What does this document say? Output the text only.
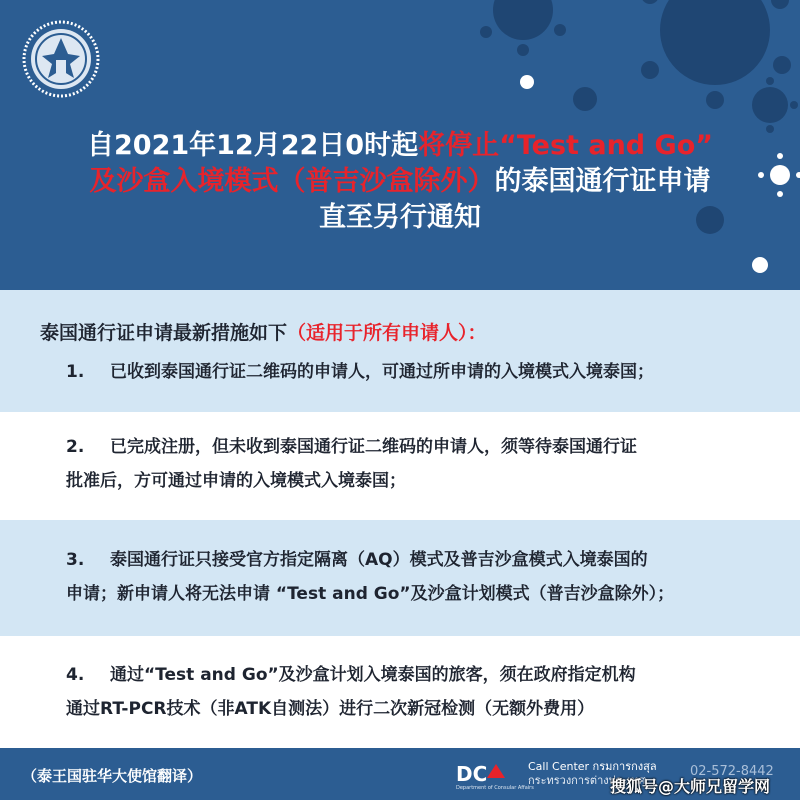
自2021年12月22日0时起将停止“Test and Go”
及沙盒入境模式（普吉沙盒除外）的泰国通行证申请
直至另行通知
泰国通行证申请最新措施如下（适用于所有申请人）：
1. 已收到泰国通行证二维码的申请人，可通过所申请的入境模式入境泰国；
2. 已完成注册，但未收到泰国通行证二维码的申请人，须等待泰国通行证
批准后，方可通过申请的入境模式入境泰国；
3. 泰国通行证只接受官方指定隔离（AQ）模式及普吉沙盒模式入境泰国的
申请；新申请人将无法申请 “Test and Go”及沙盒计划模式（普吉沙盒除外）；
4. 通过“Test and Go”及沙盒计划入境泰国的旅客，须在政府指定机构
通过RT-PCR技术（非ATK自测法）进行二次新冠检测（无额外费用）
（泰王国驻华大使馆翻译）	DC
Department of Consular Affairs
Call Center กรมการกงสุล
กระทรวงการต่างประเทศ
02-572-8442
搜狐号@大师兄留学网
